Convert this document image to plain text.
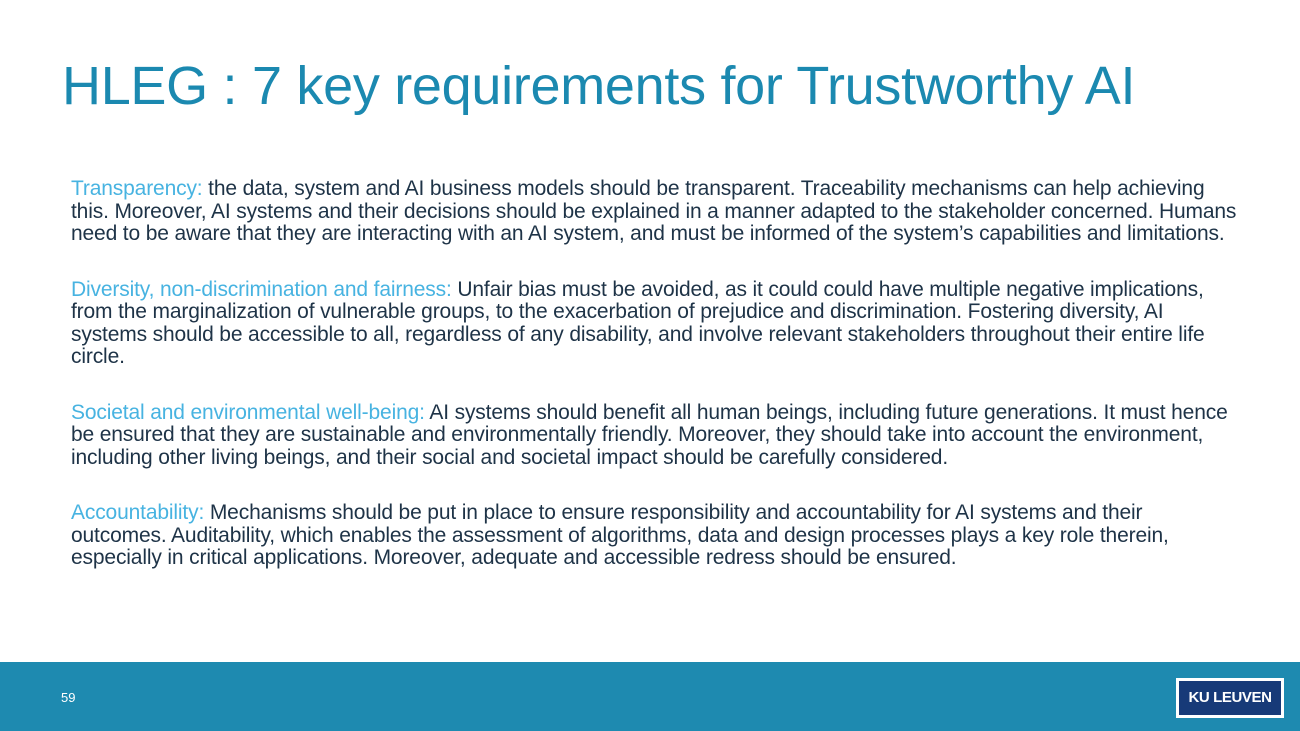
HLEG : 7 key requirements for Trustworthy AI

Transparency: the data, system and AI business models should be transparent. Traceability mechanisms can help achieving this. Moreover, AI systems and their decisions should be explained in a manner adapted to the stakeholder concerned. Humans need to be aware that they are interacting with an AI system, and must be informed of the system’s capabilities and limitations.

Diversity, non-discrimination and fairness: Unfair bias must be avoided, as it could could have multiple negative implications, from the marginalization of vulnerable groups, to the exacerbation of prejudice and discrimination. Fostering diversity, AI systems should be accessible to all, regardless of any disability, and involve relevant stakeholders throughout their entire life circle.

Societal and environmental well-being: AI systems should benefit all human beings, including future generations. It must hence be ensured that they are sustainable and environmentally friendly. Moreover, they should take into account the environment, including other living beings, and their social and societal impact should be carefully considered.

Accountability: Mechanisms should be put in place to ensure responsibility and accountability for AI systems and their outcomes. Auditability, which enables the assessment of algorithms, data and design processes plays a key role therein, especially in critical applications. Moreover, adequate and accessible redress should be ensured.

59	KU LEUVEN
